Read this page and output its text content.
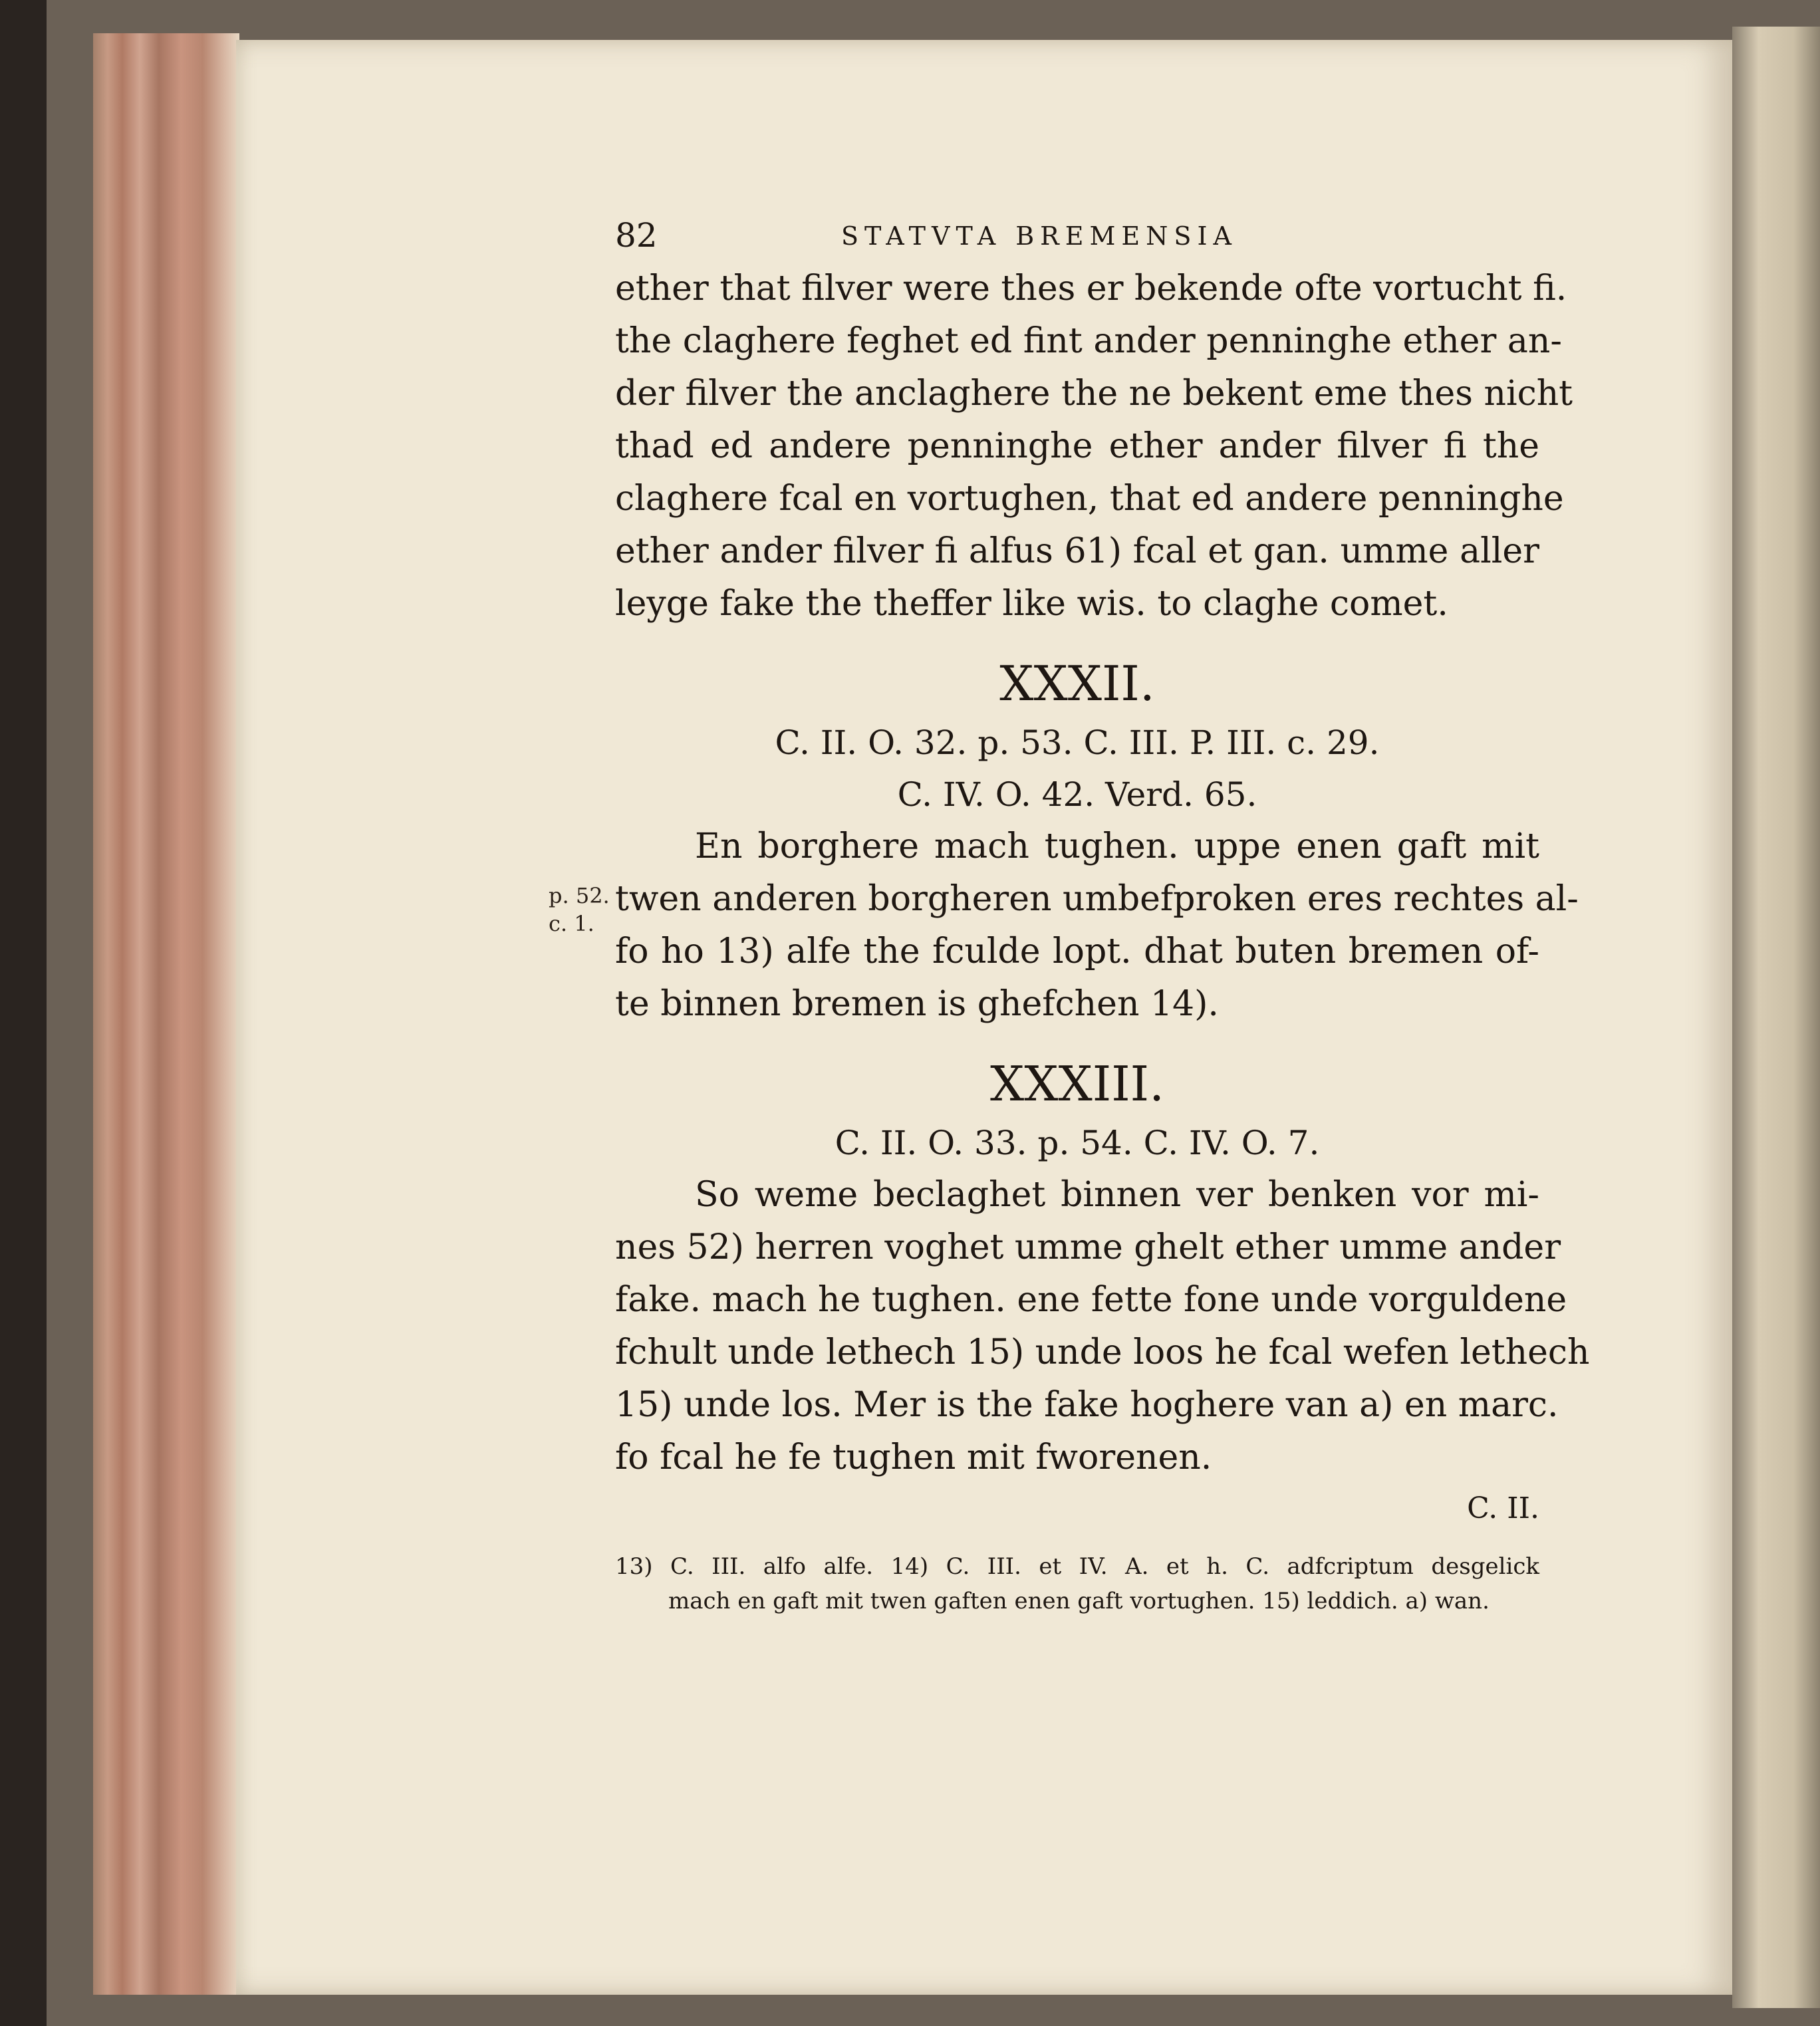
p. 52.
c. 1.
82	STATVTA BREMENSIA
ether that filver were thes er bekende ofte vortucht fi.
the claghere feghet ed fint ander penninghe ether an-
der filver the anclaghere the ne bekent eme thes nicht
thad ed andere penninghe ether ander filver fi the
claghere fcal en vortughen, that ed andere penninghe
ether ander filver fi alfus 61) fcal et gan. umme aller
leyge fake the theffer like wis. to claghe comet.
XXXII.
C. II. O. 32. p. 53. C. III. P. III. c. 29.
C. IV. O. 42. Verd. 65.
En borghere mach tughen. uppe enen gaft mit
twen anderen borgheren umbefproken eres rechtes al-
fo ho 13) alfe the fculde lopt. dhat buten bremen of-
te binnen bremen is ghefchen 14).
XXXIII.
C. II. O. 33. p. 54. C. IV. O. 7.
So weme beclaghet binnen ver benken vor mi-
nes 52) herren voghet umme ghelt ether umme ander
fake. mach he tughen. ene fette fone unde vorguldene
fchult unde lethech 15) unde loos he fcal wefen lethech
15) unde los. Mer is the fake hoghere van a) en marc.
fo fcal he fe tughen mit fworenen.
C. II.
13) C. III. alfo alfe. 14) C. III. et IV. A. et h. C. adfcriptum desgelick
mach en gaft mit twen gaften enen gaft vortughen. 15) leddich. a) wan.
